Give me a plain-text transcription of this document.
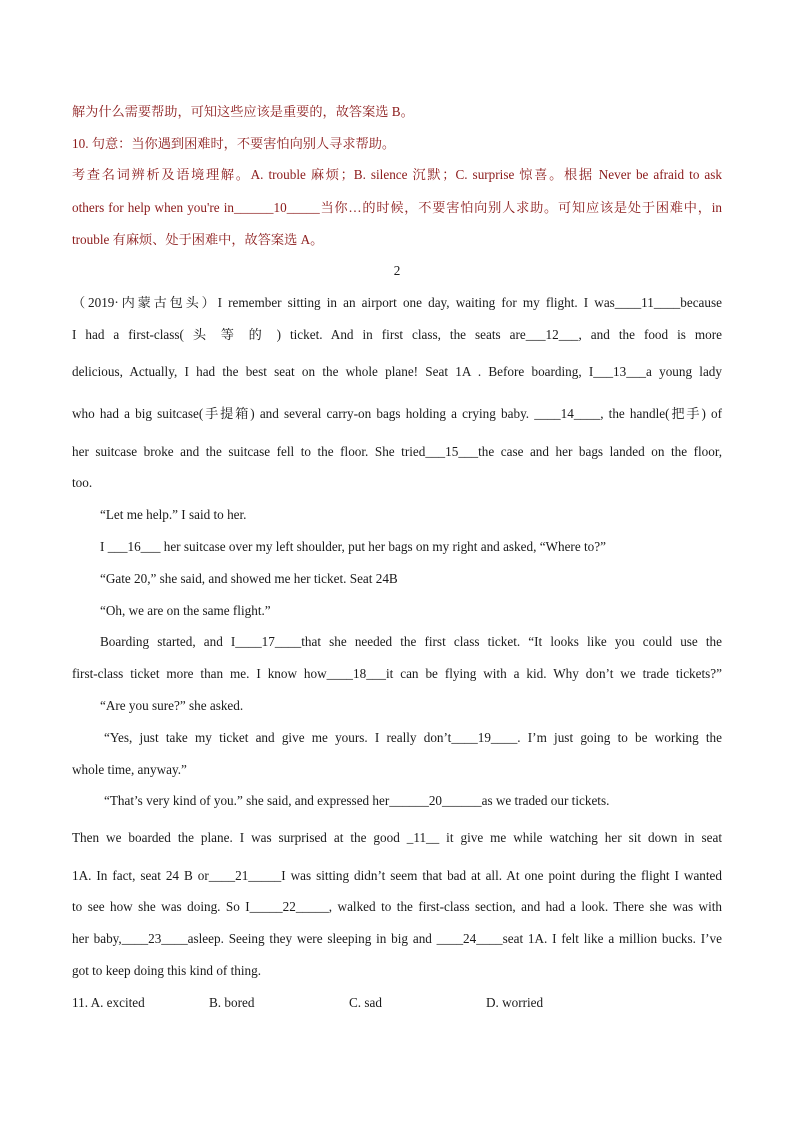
解为什么需要帮助，可知这些应该是重要的，故答案选 B。
10. 句意：当你遇到困难时，不要害怕向别人寻求帮助。
考查名词辨析及语境理解。A. trouble 麻烦；B. silence 沉默；C. surprise 惊喜。根据 Never be afraid to ask
others for help when you're in______10_____当你…的时候，不要害怕向别人求助。可知应该是处于困难中，in
trouble 有麻烦、处于困难中，故答案选 A。
2
（2019·内蒙古包头）I remember sitting in an airport one day, waiting for my flight. I was____11____because
I had a first-class( 头 等 的 ) ticket. And in first class, the seats are___12___, and the food is more
delicious, Actually, I had the best seat on the whole plane! Seat 1A . Before boarding, I___13___a young lady
who had a big suitcase(手提箱) and several carry-on bags holding a crying baby. ____14____, the handle(把手) of
her suitcase broke and the suitcase fell to the floor. She tried___15___the case and her bags landed on the floor,
too.
“Let me help.” I said to her.
I ___16___ her suitcase over my left shoulder, put her bags on my right and asked, “Where to?”
“Gate 20,” she said, and showed me her ticket. Seat 24B
“Oh, we are on the same flight.”
Boarding started, and I____17____that she needed the first class ticket. “It looks like you could use the
first-class ticket more than me. I know how____18___it can be flying with a kid. Why don’t we trade tickets?”
“Are you sure?” she asked.
“Yes, just take my ticket and give me yours. I really don’t____19____. I’m just going to be working the
whole time, anyway.”
“That’s very kind of you.” she said, and expressed her______20______as we traded our tickets.
Then we boarded the plane. I was surprised at the good _11__ it give me while watching her sit down in seat
1A. In fact, seat 24 B or____21_____I was sitting didn’t seem that bad at all. At one point during the flight I wanted
to see how she was doing. So I_____22_____, walked to the first-class section, and had a look. There she was with
her baby,____23____asleep. Seeing they were sleeping in big and ____24____seat 1A. I felt like a million bucks. I’ve
got to keep doing this kind of thing.
11. A. excited	B. bored	C. sad	D. worried
